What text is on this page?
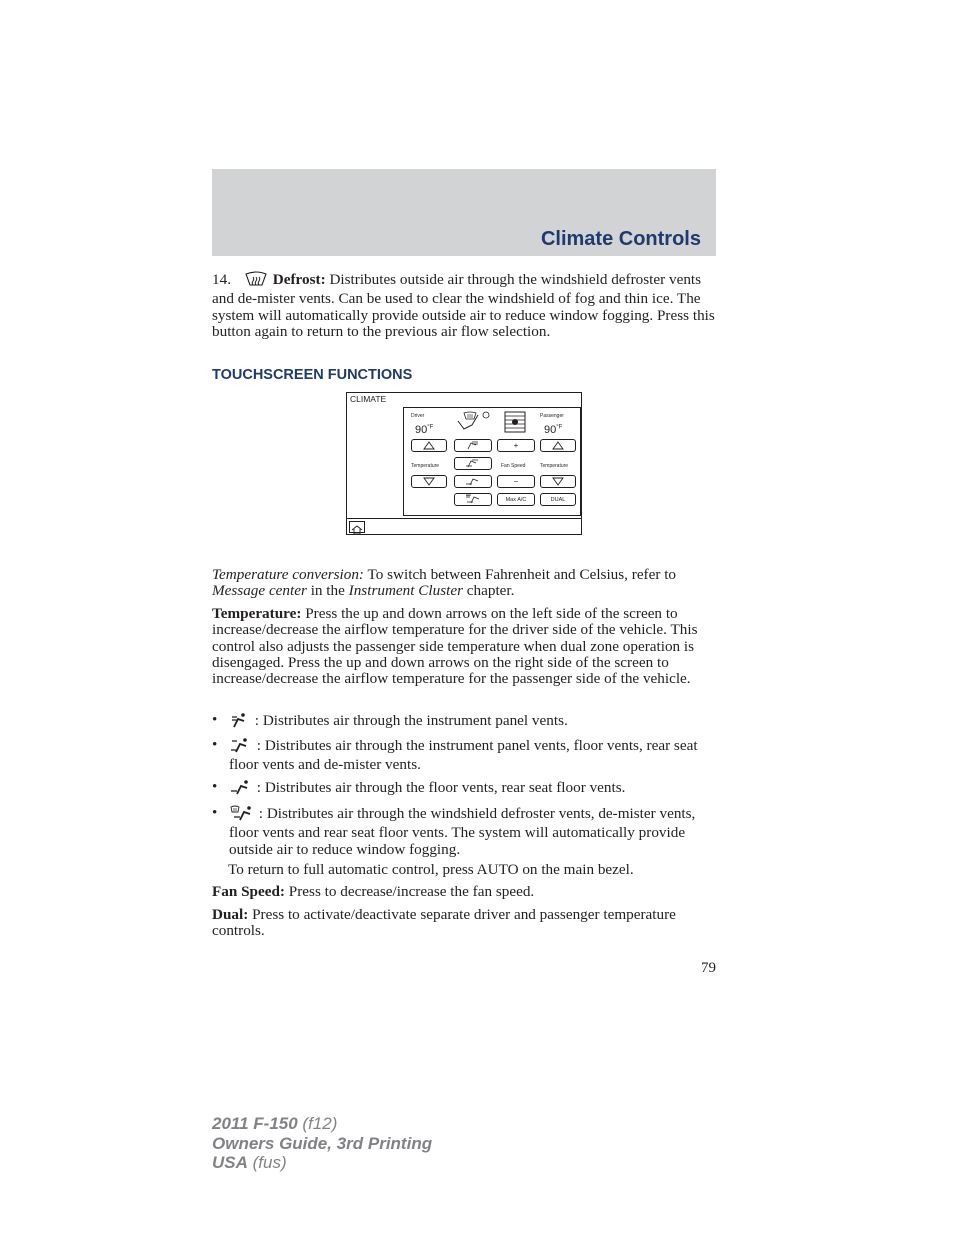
Climate Controls

14.	Defrost: Distributes outside air through the windshield defroster vents and de-mister vents. Can be used to clear the windshield of fog and thin ice. The system will automatically provide outside air to reduce window fogging. Press this button again to return to the previous air flow selection.

TOUCHSCREEN FUNCTIONS
CLIMATE
Driver	Passenger
$90^{^\circ F}$	$90^{^\circ F}$
+
Temperature	Fan Speed	Temperature
−
Max A/C	DUAL

Temperature conversion: To switch between Fahrenheit and Celsius, refer to Message center in the Instrument Cluster chapter.

Temperature: Press the up and down arrows on the left side of the screen to increase/decrease the airflow temperature for the driver side of the vehicle. This control also adjusts the passenger side temperature when dual zone operation is disengaged. Press the up and down arrows on the right side of the screen to increase/decrease the airflow temperature for the passenger side of the vehicle.

•	: Distributes air through the instrument panel vents.
•	: Distributes air through the instrument panel vents, floor vents, rear seat floor vents and de-mister vents.
•	: Distributes air through the floor vents, rear seat floor vents.
•	: Distributes air through the windshield defroster vents, de-mister vents, floor vents and rear seat floor vents. The system will automatically provide outside air to reduce window fogging.

To return to full automatic control, press AUTO on the main bezel.

Fan Speed: Press to decrease/increase the fan speed.

Dual: Press to activate/deactivate separate driver and passenger temperature controls.

79
2011 F-150 (f12)
Owners Guide, 3rd Printing
USA (fus)
